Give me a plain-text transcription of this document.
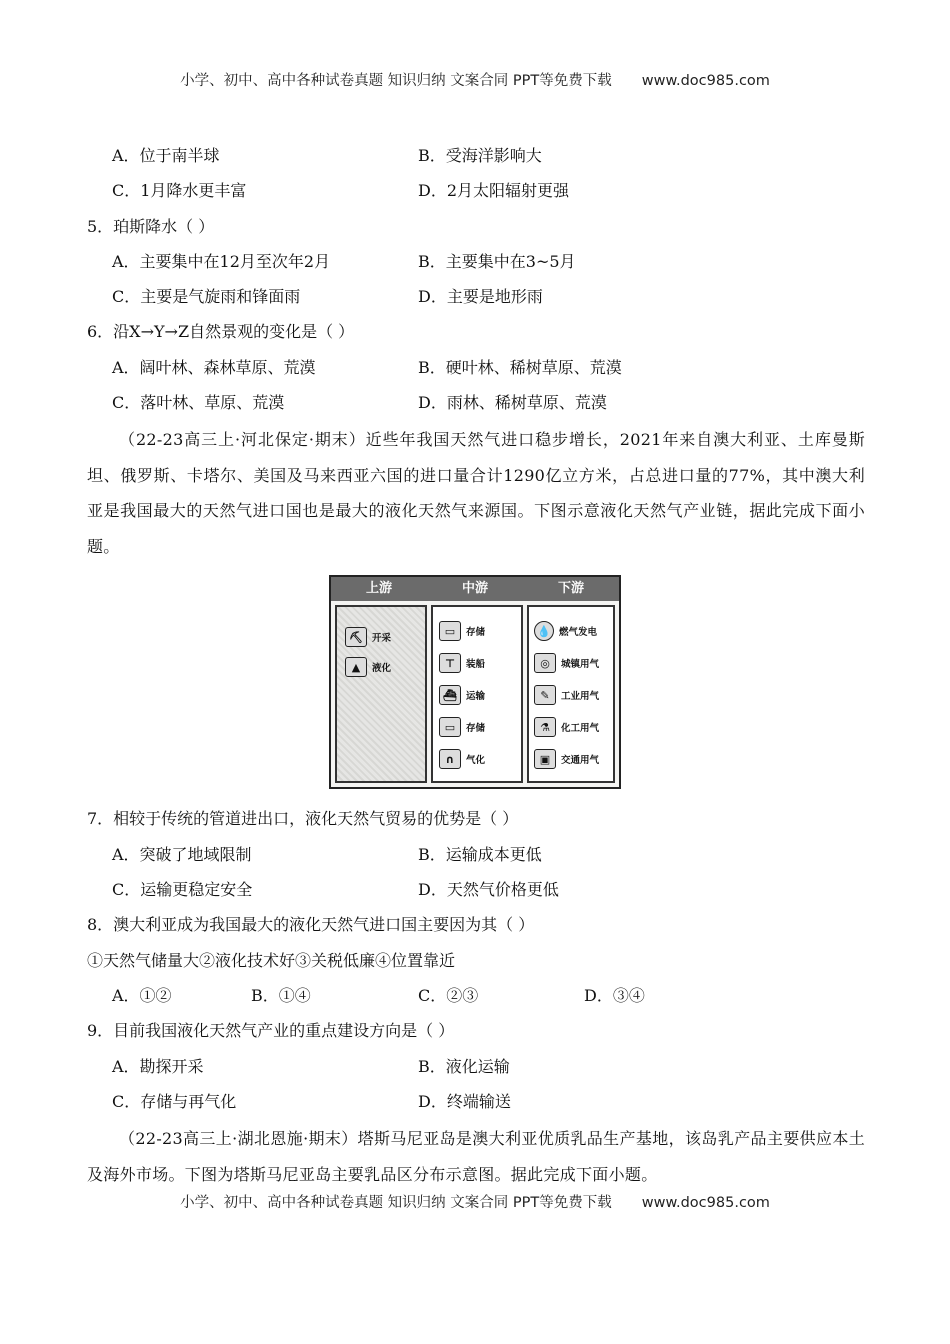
小学、初中、高中各种试卷真题 知识归纳 文案合同 PPT等免费下载 www.doc985.com
A．位于南半球	B．受海洋影响大
C．1月降水更丰富	D．2月太阳辐射更强
5．珀斯降水（ ）
A．主要集中在12月至次年2月	B．主要集中在3~5月
C．主要是气旋雨和锋面雨	D．主要是地形雨
6．沿X→Y→Z自然景观的变化是（ ）
A．阔叶林、森林草原、荒漠	B．硬叶林、稀树草原、荒漠
C．落叶林、草原、荒漠	D．雨林、稀树草原、荒漠
（22-23高三上·河北保定·期末）近些年我国天然气进口稳步增长，2021年来自澳大利亚、土库曼斯坦、俄罗斯、卡塔尔、美国及马来西亚六国的进口量合计1290亿立方米，占总进口量的77%，其中澳大利亚是我国最大的天然气进口国也是最大的液化天然气来源国。下图示意液化天然气产业链，据此完成下面小题。
上游	中游	下游
⛏ 开采
▲	液化
▭	存储
⊤	装船
⛴ 运输
▭	存储
∩	气化
💧 燃气发电
◎	城镇用气
✎	工业用气
⚗	化工用气
▣	交通用气
7．相较于传统的管道进出口，液化天然气贸易的优势是（ ）
A．突破了地域限制	B．运输成本更低
C．运输更稳定安全	D．天然气价格更低
8．澳大利亚成为我国最大的液化天然气进口国主要因为其（ ）
①天然气储量大②液化技术好③关税低廉④位置靠近
A．①②	B．①④	C．②③	D．③④
9．目前我国液化天然气产业的重点建设方向是（ ）
A．勘探开采	B．液化运输
C．存储与再气化	D．终端输送
（22-23高三上·湖北恩施·期末）塔斯马尼亚岛是澳大利亚优质乳品生产基地，该岛乳产品主要供应本土及海外市场。下图为塔斯马尼亚岛主要乳品区分布示意图。据此完成下面小题。
小学、初中、高中各种试卷真题 知识归纳 文案合同 PPT等免费下载 www.doc985.com
